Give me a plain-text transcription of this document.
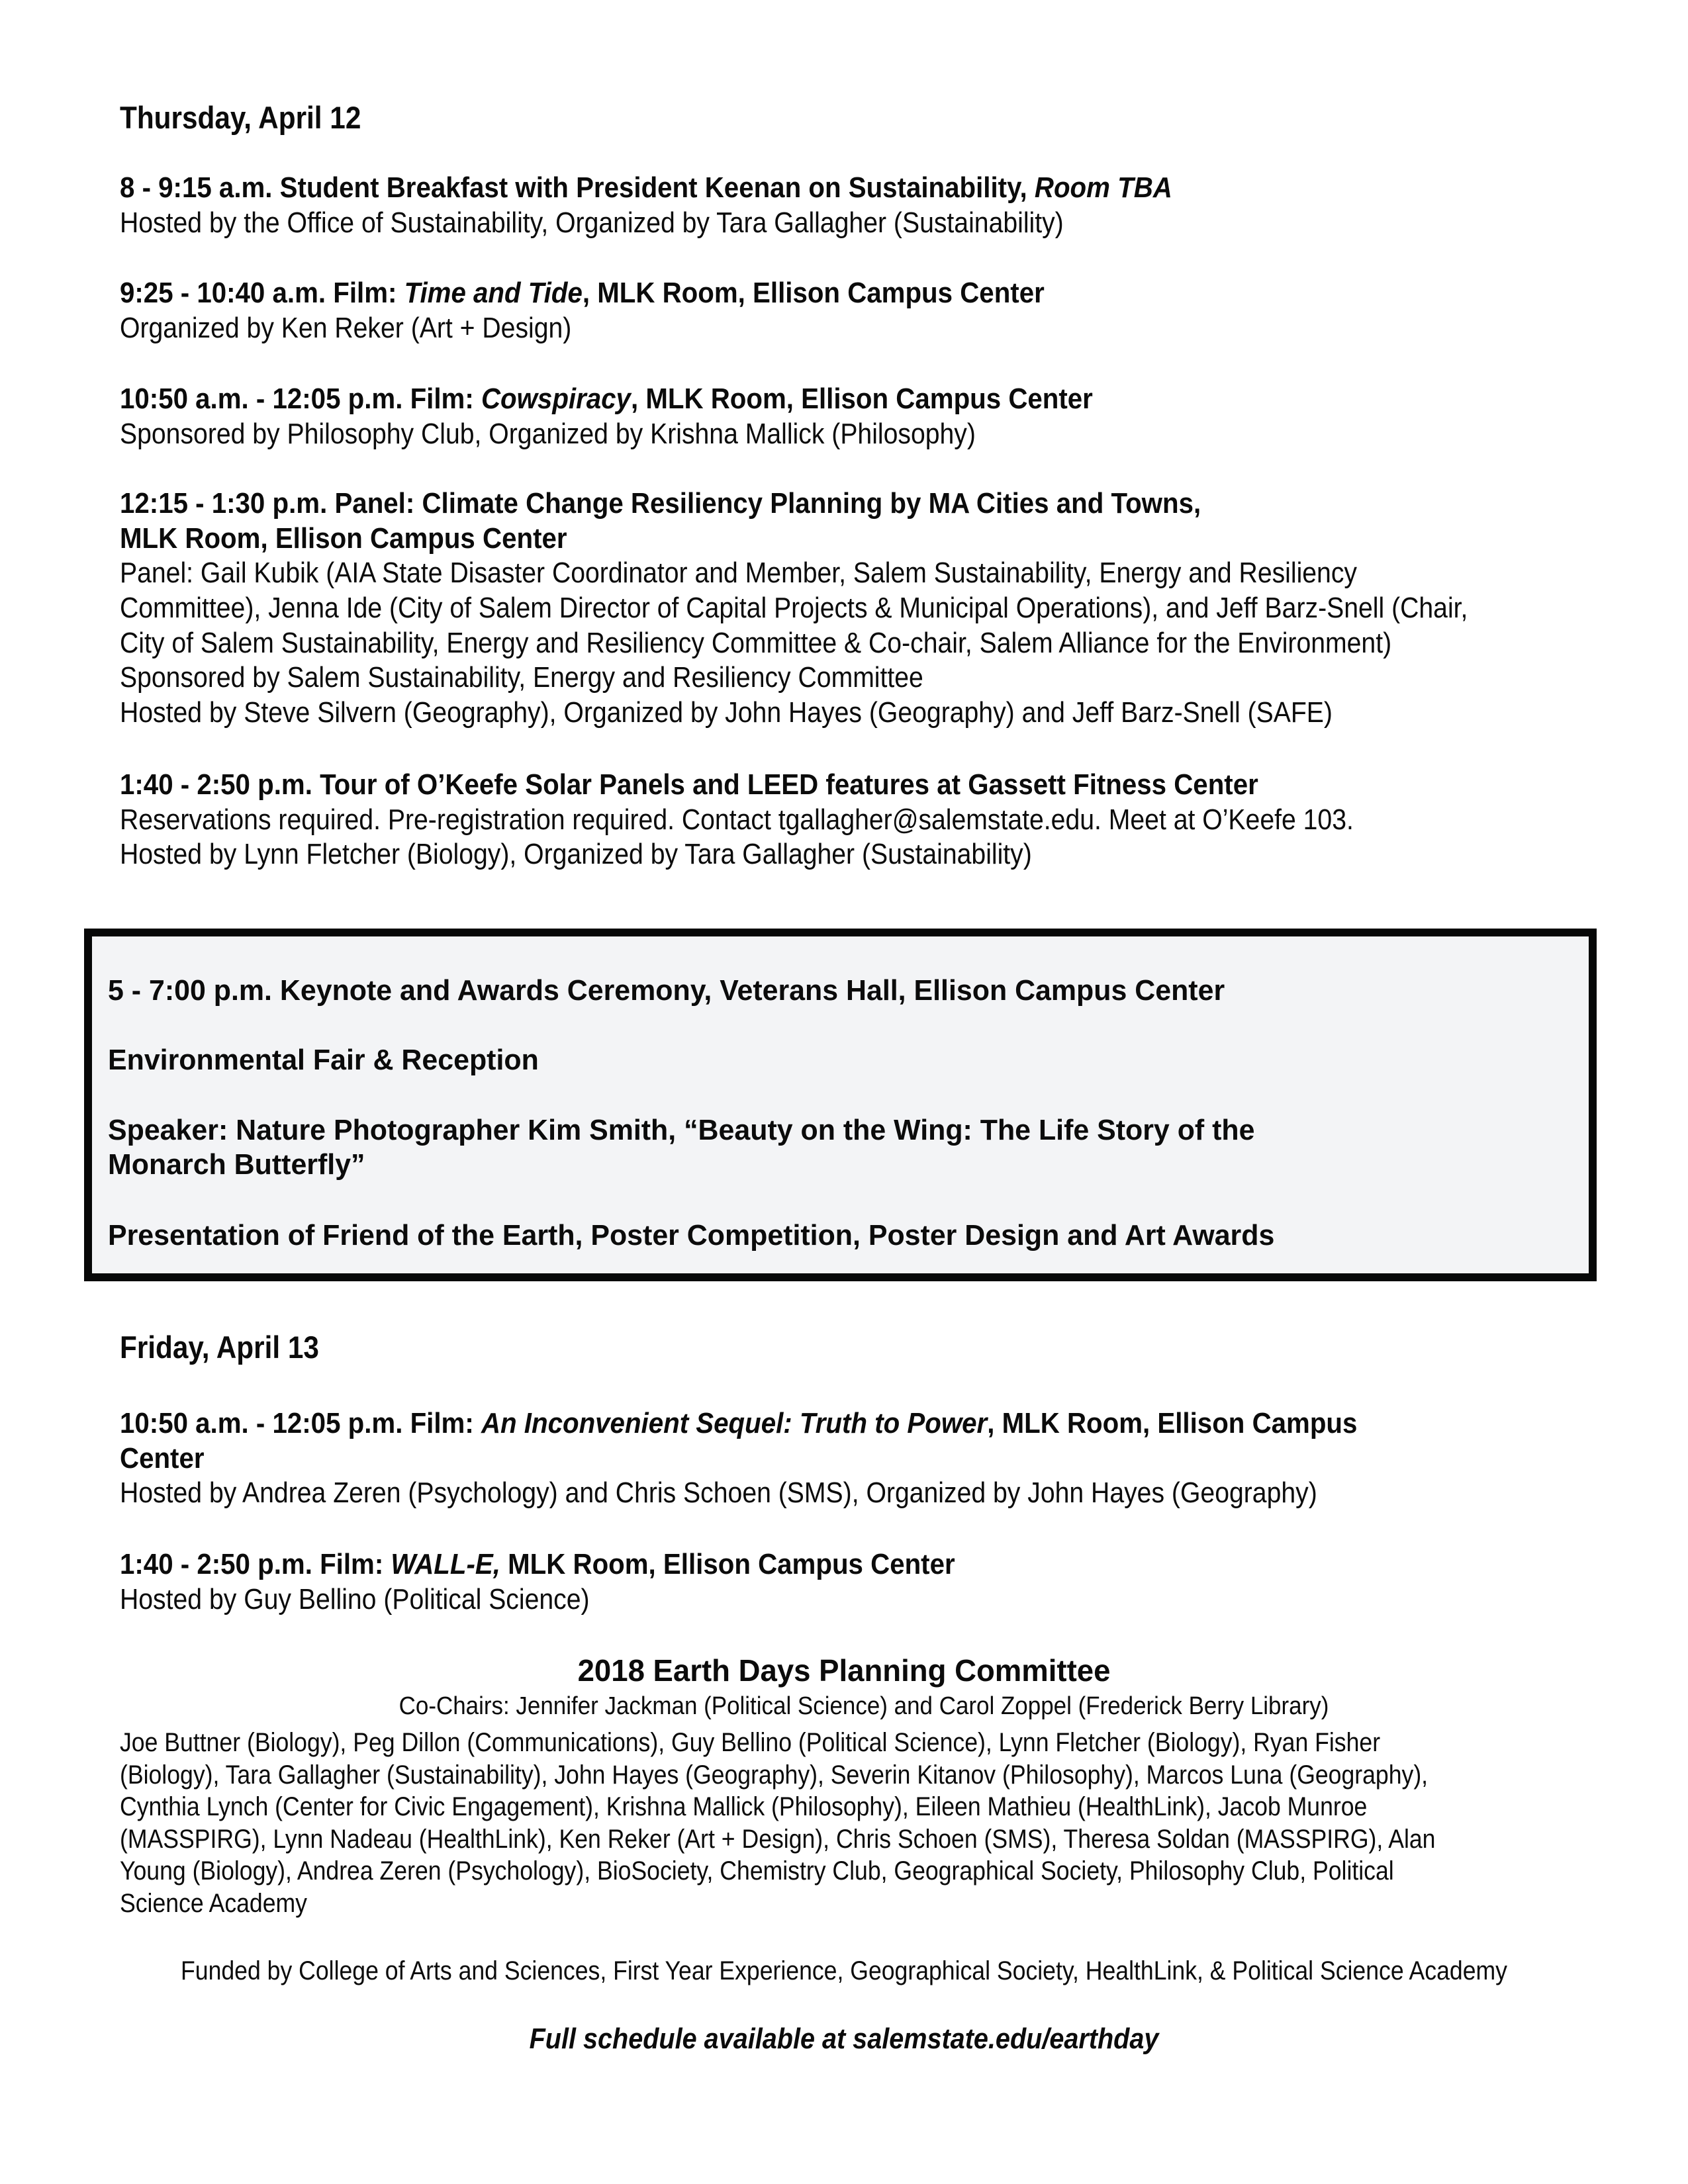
Thursday, April 12
8 - 9:15 a.m. Student Breakfast with President Keenan on Sustainability, Room TBA
Hosted by the Office of Sustainability, Organized by Tara Gallagher (Sustainability)
9:25 - 10:40 a.m. Film: Time and Tide, MLK Room, Ellison Campus Center
Organized by Ken Reker (Art + Design)
10:50 a.m. - 12:05 p.m. Film: Cowspiracy, MLK Room, Ellison Campus Center
Sponsored by Philosophy Club, Organized by Krishna Mallick (Philosophy)
12:15 - 1:30 p.m. Panel: Climate Change Resiliency Planning by MA Cities and Towns,
MLK Room, Ellison Campus Center
Panel: Gail Kubik (AIA State Disaster Coordinator and Member, Salem Sustainability, Energy and Resiliency
Committee), Jenna Ide (City of Salem Director of Capital Projects & Municipal Operations), and Jeff Barz-Snell (Chair,
City of Salem Sustainability, Energy and Resiliency Committee & Co-chair, Salem Alliance for the Environment)
Sponsored by Salem Sustainability, Energy and Resiliency Committee
Hosted by Steve Silvern (Geography), Organized by John Hayes (Geography) and Jeff Barz-Snell (SAFE)
1:40 - 2:50 p.m. Tour of O’Keefe Solar Panels and LEED features at Gassett Fitness Center
Reservations required. Pre-registration required. Contact tgallagher@salemstate.edu. Meet at O’Keefe 103.
Hosted by Lynn Fletcher (Biology), Organized by Tara Gallagher (Sustainability)
5 - 7:00 p.m. Keynote and Awards Ceremony, Veterans Hall, Ellison Campus Center
Environmental Fair & Reception
Speaker: Nature Photographer Kim Smith, “Beauty on the Wing: The Life Story of the
Monarch Butterfly”
Presentation of Friend of the Earth, Poster Competition, Poster Design and Art Awards
Friday, April 13
10:50 a.m. - 12:05 p.m. Film: An Inconvenient Sequel: Truth to Power, MLK Room, Ellison Campus
Center
Hosted by Andrea Zeren (Psychology) and Chris Schoen (SMS), Organized by John Hayes (Geography)
1:40 - 2:50 p.m. Film: WALL-E, MLK Room, Ellison Campus Center
Hosted by Guy Bellino (Political Science)
2018 Earth Days Planning Committee
Co-Chairs: Jennifer Jackman (Political Science) and Carol Zoppel (Frederick Berry Library)
Joe Buttner (Biology), Peg Dillon (Communications), Guy Bellino (Political Science), Lynn Fletcher (Biology), Ryan Fisher
(Biology), Tara Gallagher (Sustainability), John Hayes (Geography), Severin Kitanov (Philosophy), Marcos Luna (Geography),
Cynthia Lynch (Center for Civic Engagement), Krishna Mallick (Philosophy), Eileen Mathieu (HealthLink), Jacob Munroe
(MASSPIRG), Lynn Nadeau (HealthLink), Ken Reker (Art + Design), Chris Schoen (SMS), Theresa Soldan (MASSPIRG), Alan
Young (Biology), Andrea Zeren (Psychology), BioSociety, Chemistry Club, Geographical Society, Philosophy Club, Political
Science Academy
Funded by College of Arts and Sciences, First Year Experience, Geographical Society, HealthLink, & Political Science Academy
Full schedule available at salemstate.edu/earthday
